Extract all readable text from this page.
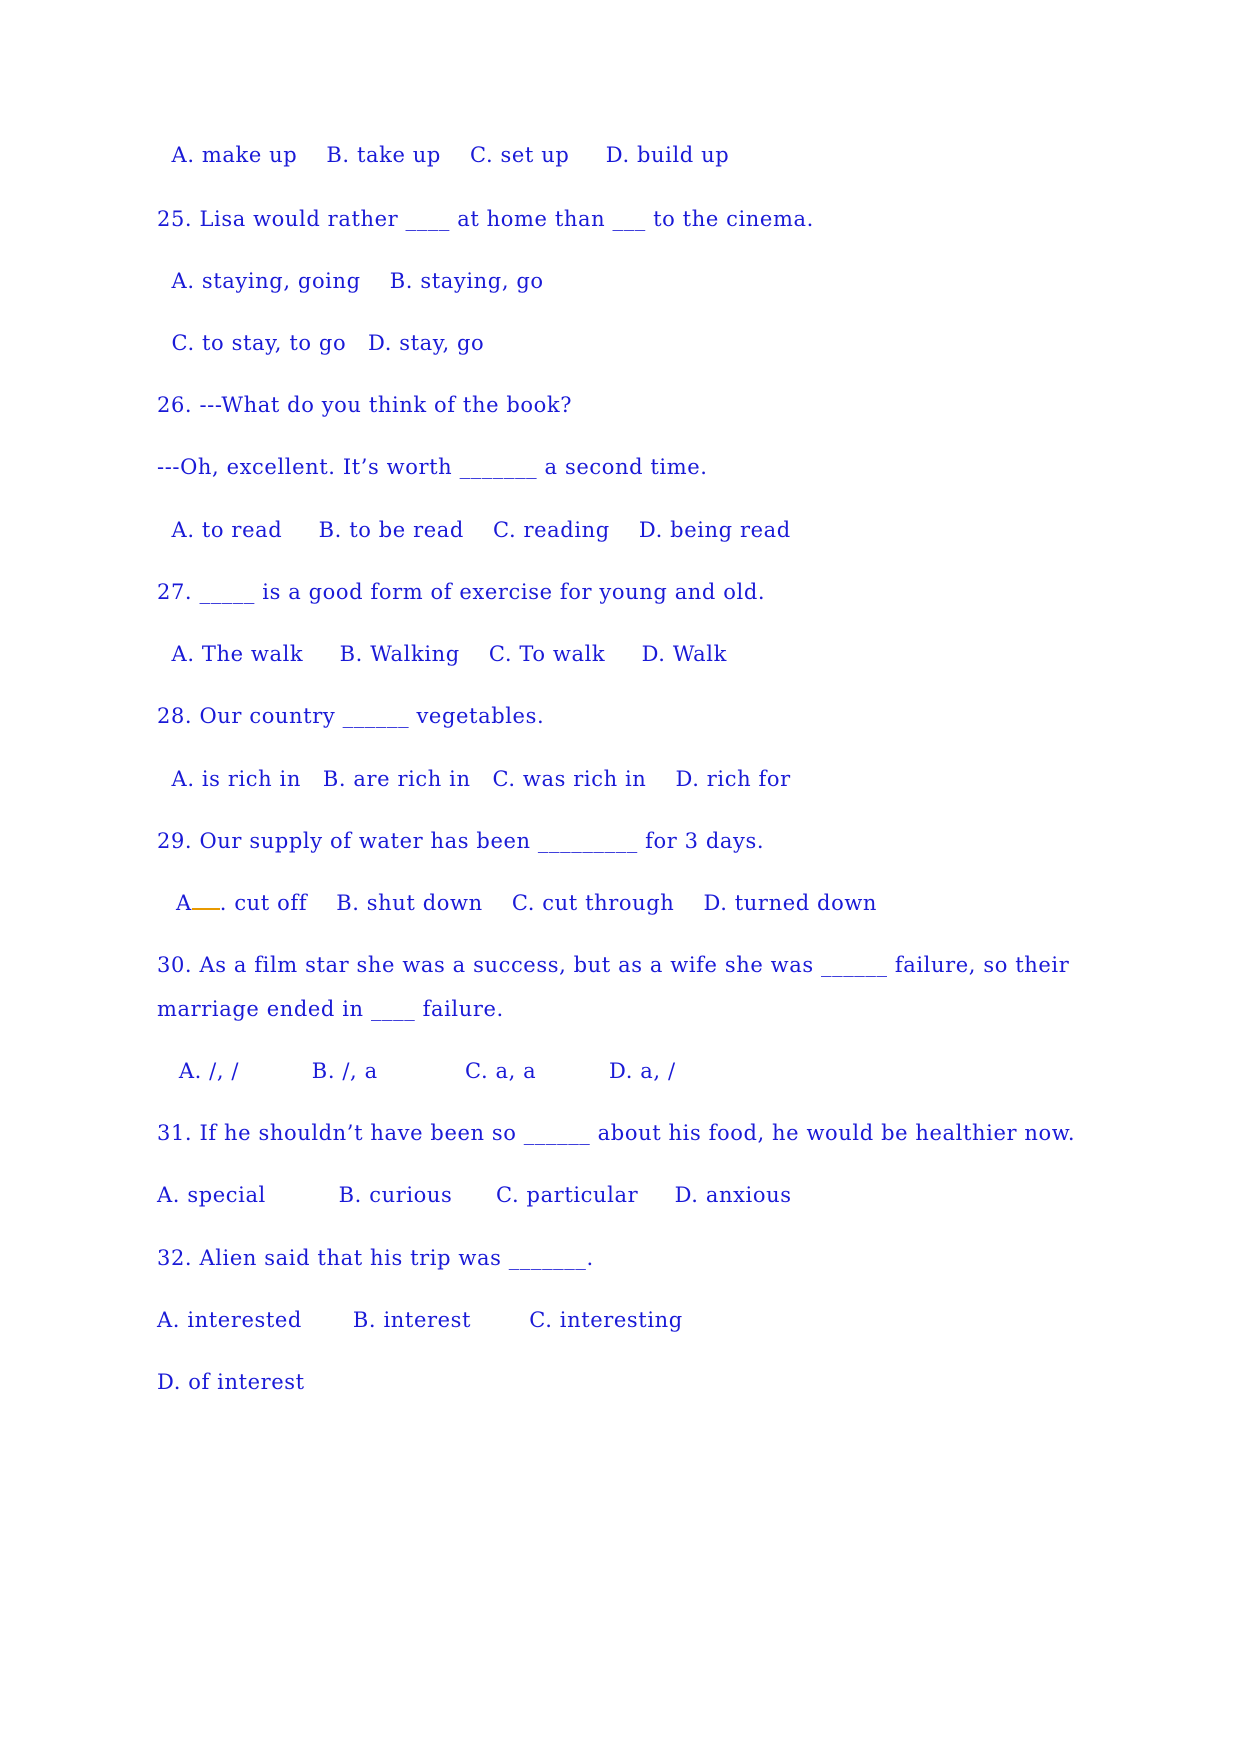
A. make up    B. take up    C. set up     D. build up
25. Lisa would rather ____ at home than ___ to the cinema.
A. staying, going    B. staying, go
C. to stay, to go   D. stay, go
26. ---What do you think of the book?
---Oh, excellent. It’s worth _______ a second time.
A. to read     B. to be read    C. reading    D. being read
27. _____ is a good form of exercise for young and old.
A. The walk     B. Walking    C. To walk     D. Walk
28. Our country ______ vegetables.
A. is rich in   B. are rich in   C. was rich in    D. rich for
29. Our supply of water has been _________ for 3 days.
A . cut off    B. shut down    C. cut through    D. turned down
30. As a film star she was a success, but as a wife she was ______ failure, so their
marriage ended in ____ failure.
A. /, /          B. /, a            C. a, a          D. a, /
31. If he shouldn’t have been so ______ about his food, he would be healthier now.
A. special          B. curious      C. particular     D. anxious
32. Alien said that his trip was _______.
A. interested       B. interest        C. interesting
D. of interest
